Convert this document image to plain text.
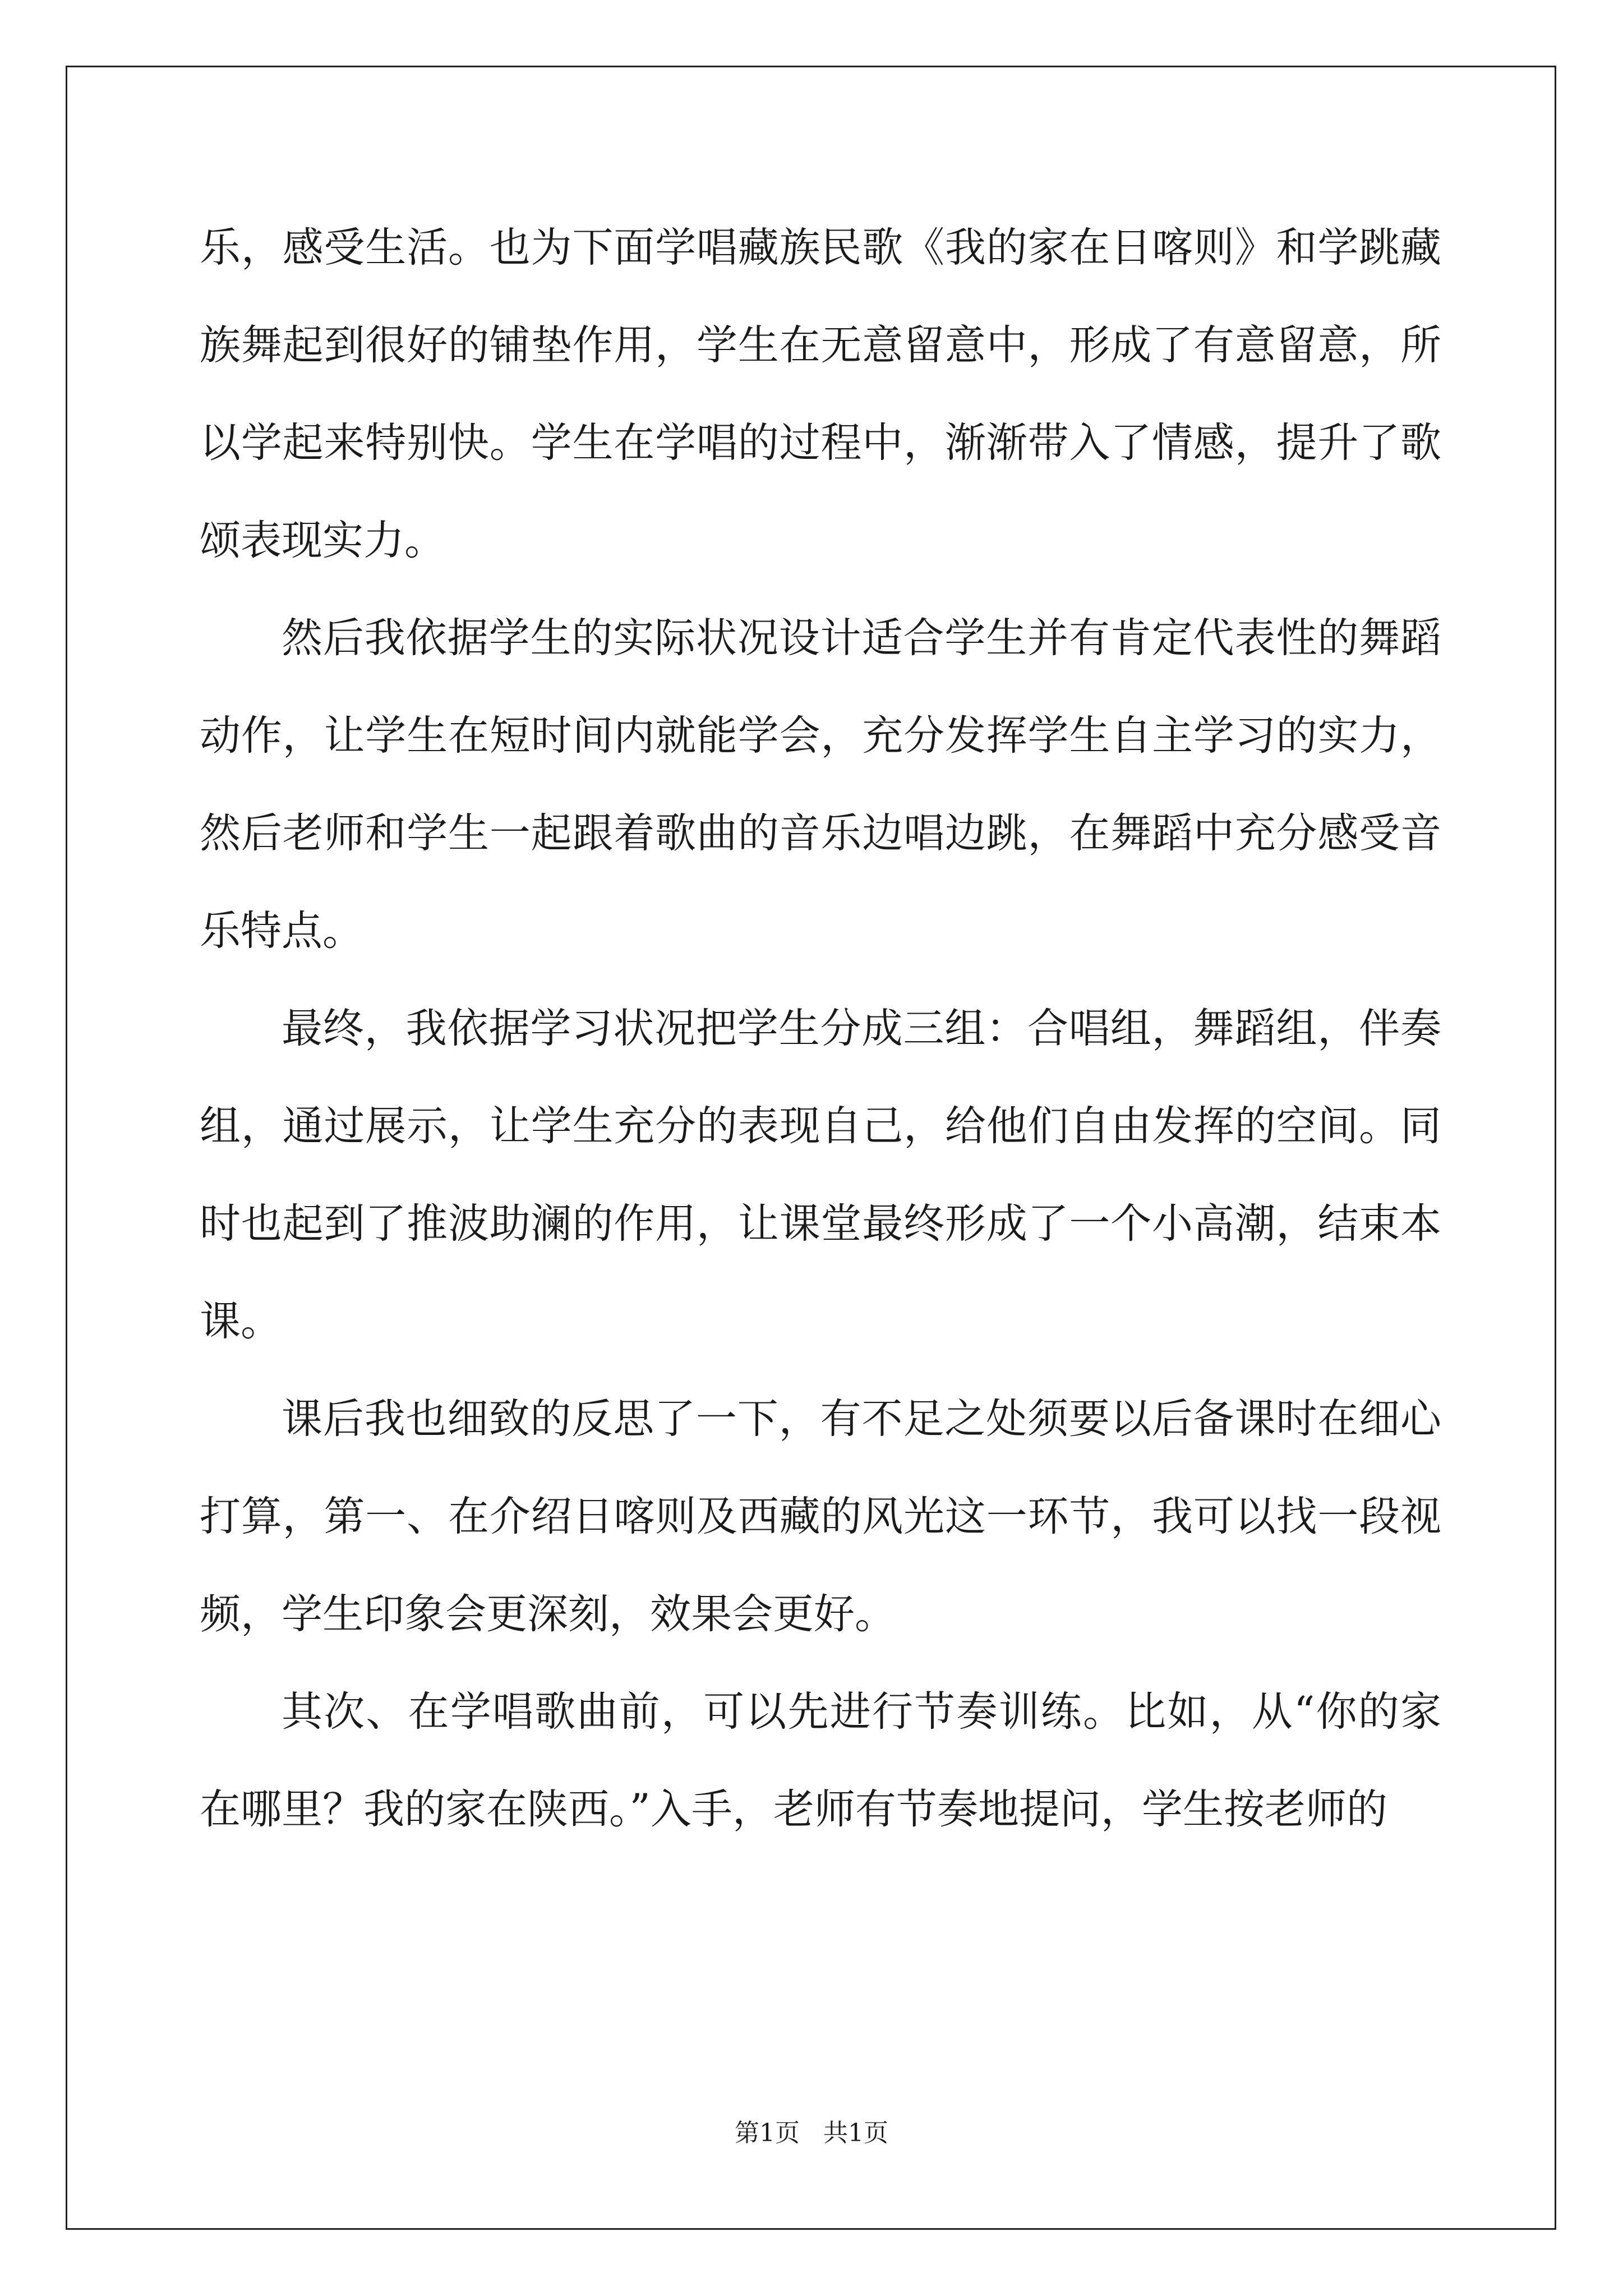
乐，感受生活。也为下面学唱藏族民歌《我的家在日喀则》和学跳藏族舞起到很好的铺垫作用，学生在无意留意中，形成了有意留意，所以学起来特别快。学生在学唱的过程中，渐渐带入了情感，提升了歌颂表现实力。

然后我依据学生的实际状况设计适合学生并有肯定代表性的舞蹈动作，让学生在短时间内就能学会，充分发挥学生自主学习的实力，然后老师和学生一起跟着歌曲的音乐边唱边跳，在舞蹈中充分感受音乐特点。

最终，我依据学习状况把学生分成三组：合唱组，舞蹈组，伴奏组，通过展示，让学生充分的表现自己，给他们自由发挥的空间。同时也起到了推波助澜的作用，让课堂最终形成了一个小高潮，结束本课。

课后我也细致的反思了一下，有不足之处须要以后备课时在细心打算，第一、在介绍日喀则及西藏的风光这一环节，我可以找一段视频，学生印象会更深刻，效果会更好。

其次、在学唱歌曲前，可以先进行节奏训练。比如，从“你的家在哪里？我的家在陕西。”入手，老师有节奏地提问，学生按老师的

第1页   共1页
